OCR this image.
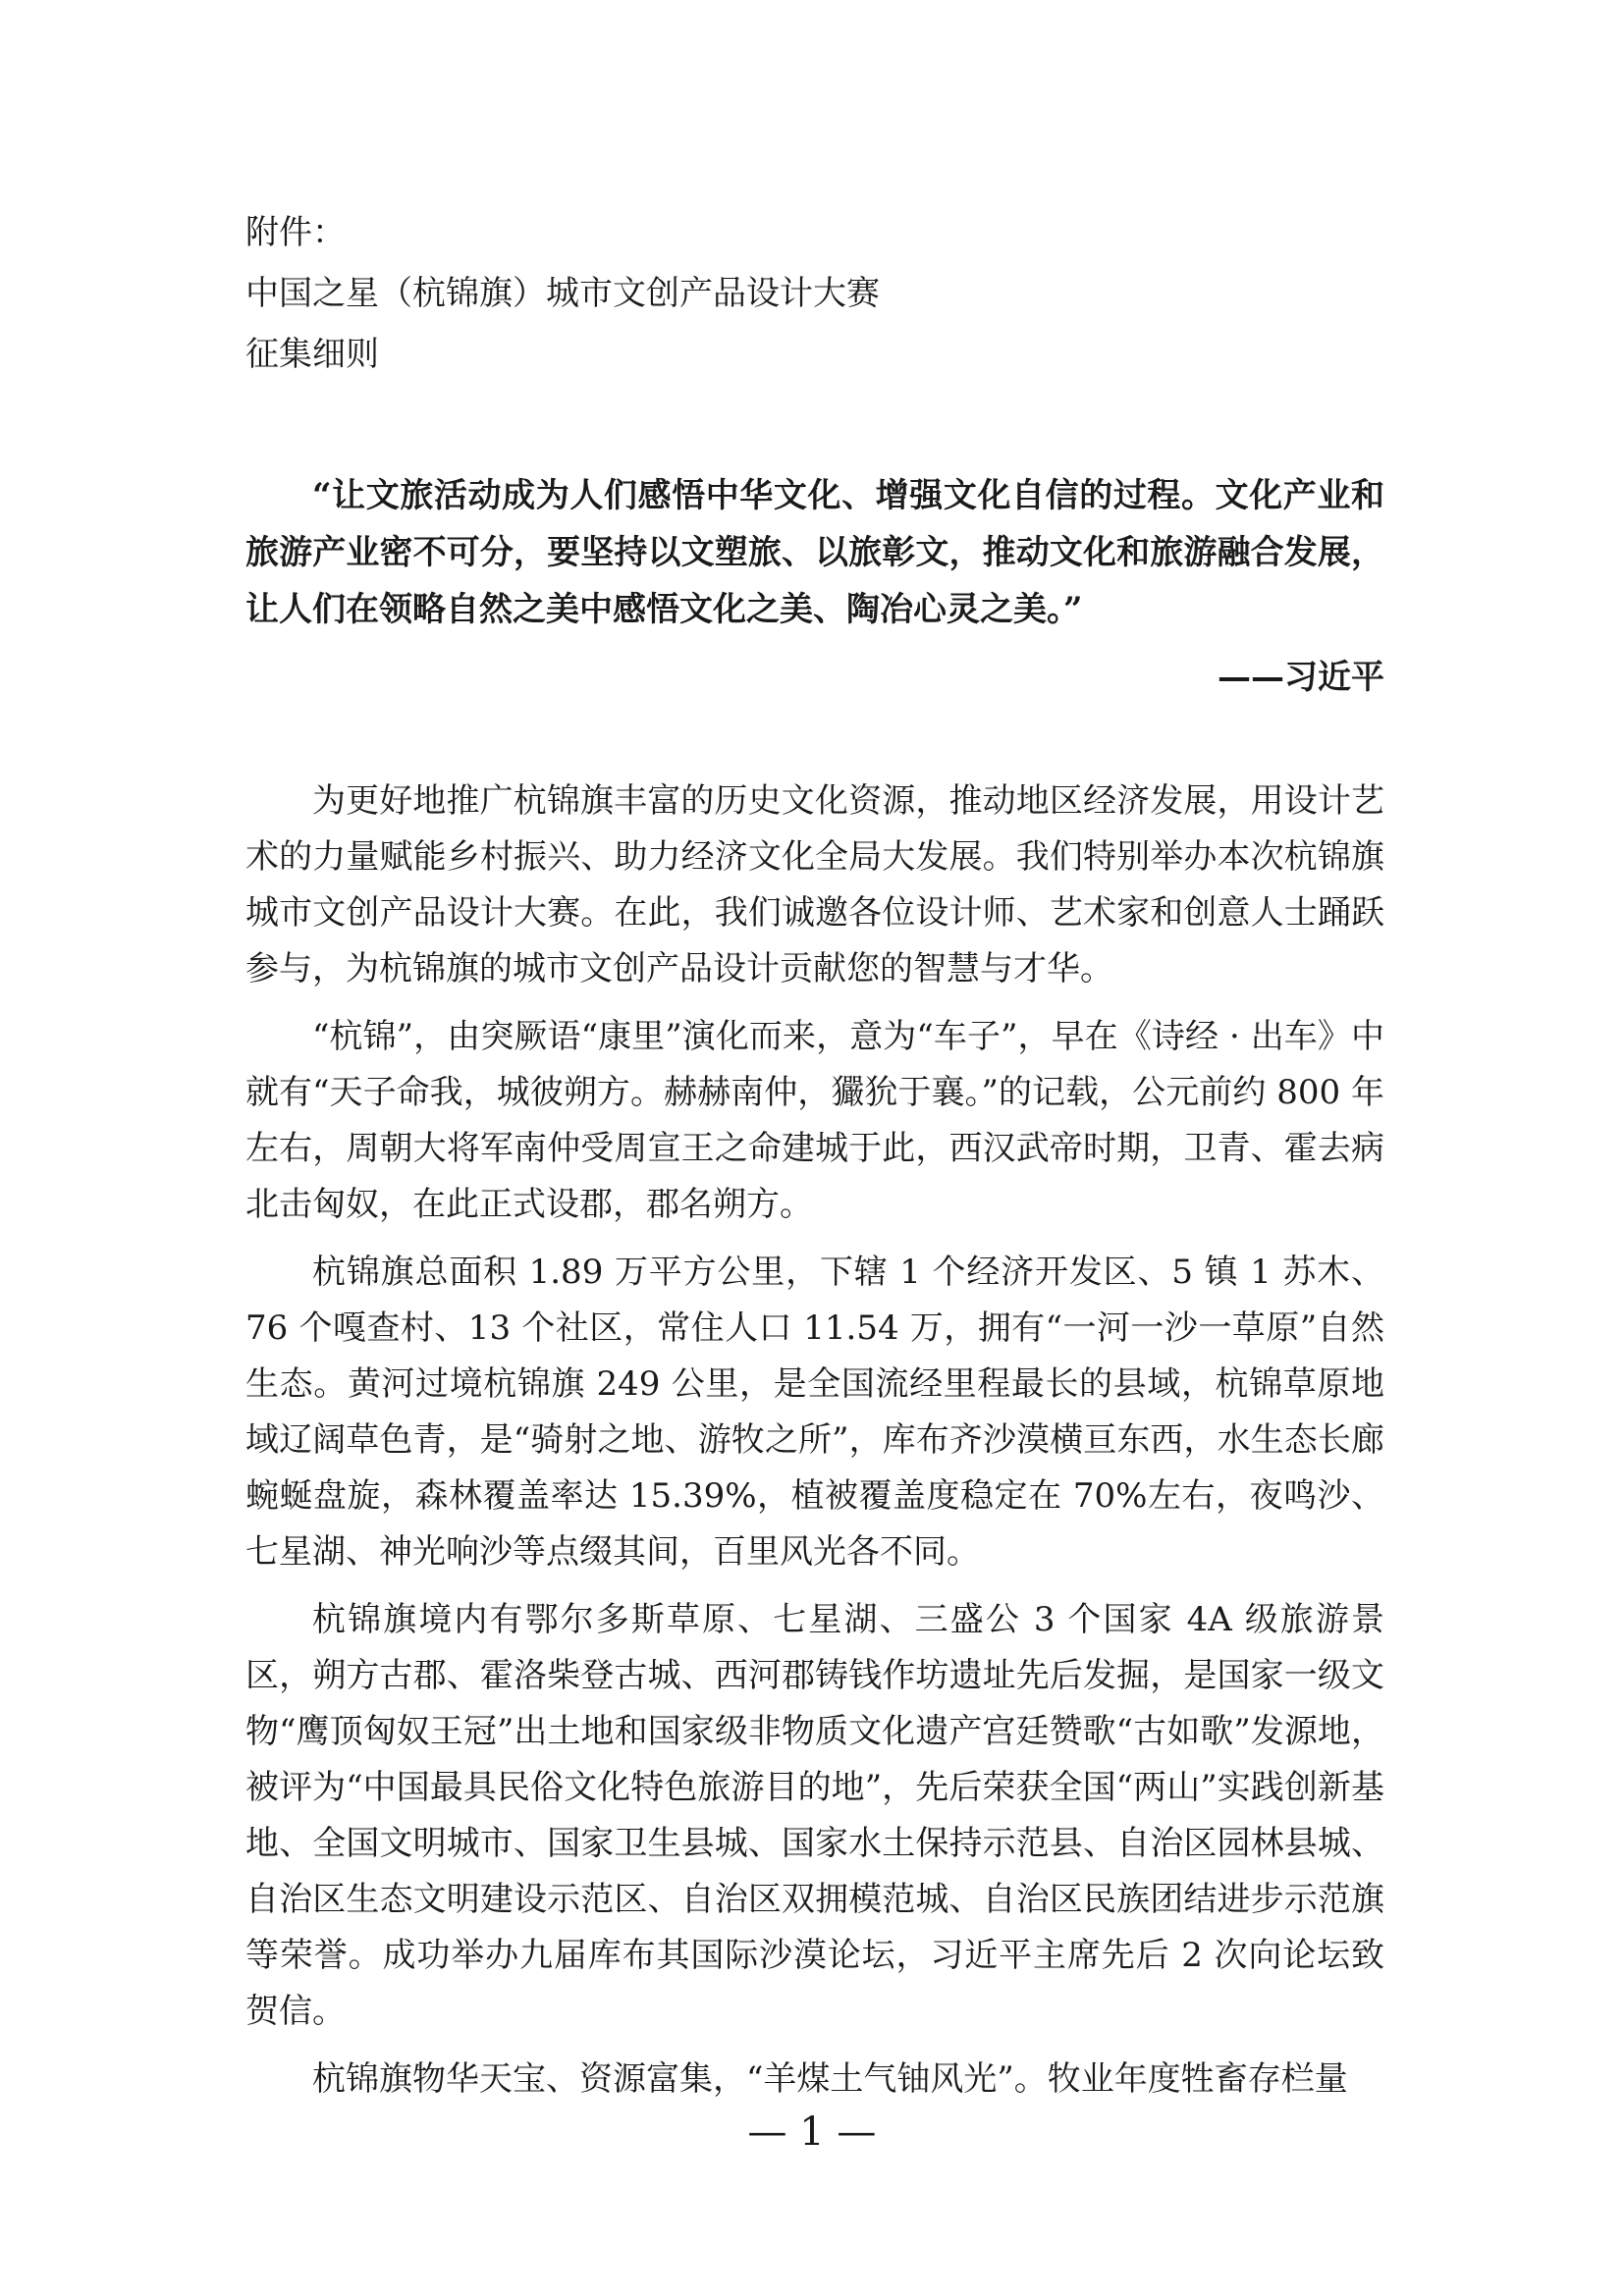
附件：

中国之星（杭锦旗）城市文创产品设计大赛
征集细则

“让文旅活动成为人们感悟中华文化、增强文化自信的过程。文化产业和旅游产业密不可分，要坚持以文塑旅、以旅彰文，推动文化和旅游融合发展，让人们在领略自然之美中感悟文化之美、陶冶心灵之美。”

——习近平

为更好地推广杭锦旗丰富的历史文化资源，推动地区经济发展，用设计艺术的力量赋能乡村振兴、助力经济文化全局大发展。我们特别举办本次杭锦旗城市文创产品设计大赛。在此，我们诚邀各位设计师、艺术家和创意人士踊跃参与，为杭锦旗的城市文创产品设计贡献您的智慧与才华。

“杭锦”，由突厥语“康里”演化而来，意为“车子”，早在《诗经 · 出车》中就有“天子命我，城彼朔方。赫赫南仲，玁狁于襄。”的记载，公元前约 800 年左右，周朝大将军南仲受周宣王之命建城于此，西汉武帝时期，卫青、霍去病北击匈奴，在此正式设郡，郡名朔方。

杭锦旗总面积 1.89 万平方公里，下辖 1 个经济开发区、5 镇 1 苏木、76 个嘎查村、13 个社区，常住人口 11.54 万，拥有“一河一沙一草原”自然生态。黄河过境杭锦旗 249 公里，是全国流经里程最长的县域，杭锦草原地域辽阔草色青，是“骑射之地、游牧之所”，库布齐沙漠横亘东西，水生态长廊蜿蜒盘旋，森林覆盖率达 15.39%，植被覆盖度稳定在 70%左右，夜鸣沙、七星湖、神光响沙等点缀其间，百里风光各不同。

杭锦旗境内有鄂尔多斯草原、七星湖、三盛公 3 个国家 4A 级旅游景区，朔方古郡、霍洛柴登古城、西河郡铸钱作坊遗址先后发掘，是国家一级文物“鹰顶匈奴王冠”出土地和国家级非物质文化遗产宫廷赞歌“古如歌”发源地，被评为“中国最具民俗文化特色旅游目的地”，先后荣获全国“两山”实践创新基地、全国文明城市、国家卫生县城、国家水土保持示范县、自治区园林县城、自治区生态文明建设示范区、自治区双拥模范城、自治区民族团结进步示范旗等荣誉。成功举办九届库布其国际沙漠论坛，习近平主席先后 2 次向论坛致贺信。

杭锦旗物华天宝、资源富集，“羊煤土气铀风光”。牧业年度牲畜存栏量

— 1 —
